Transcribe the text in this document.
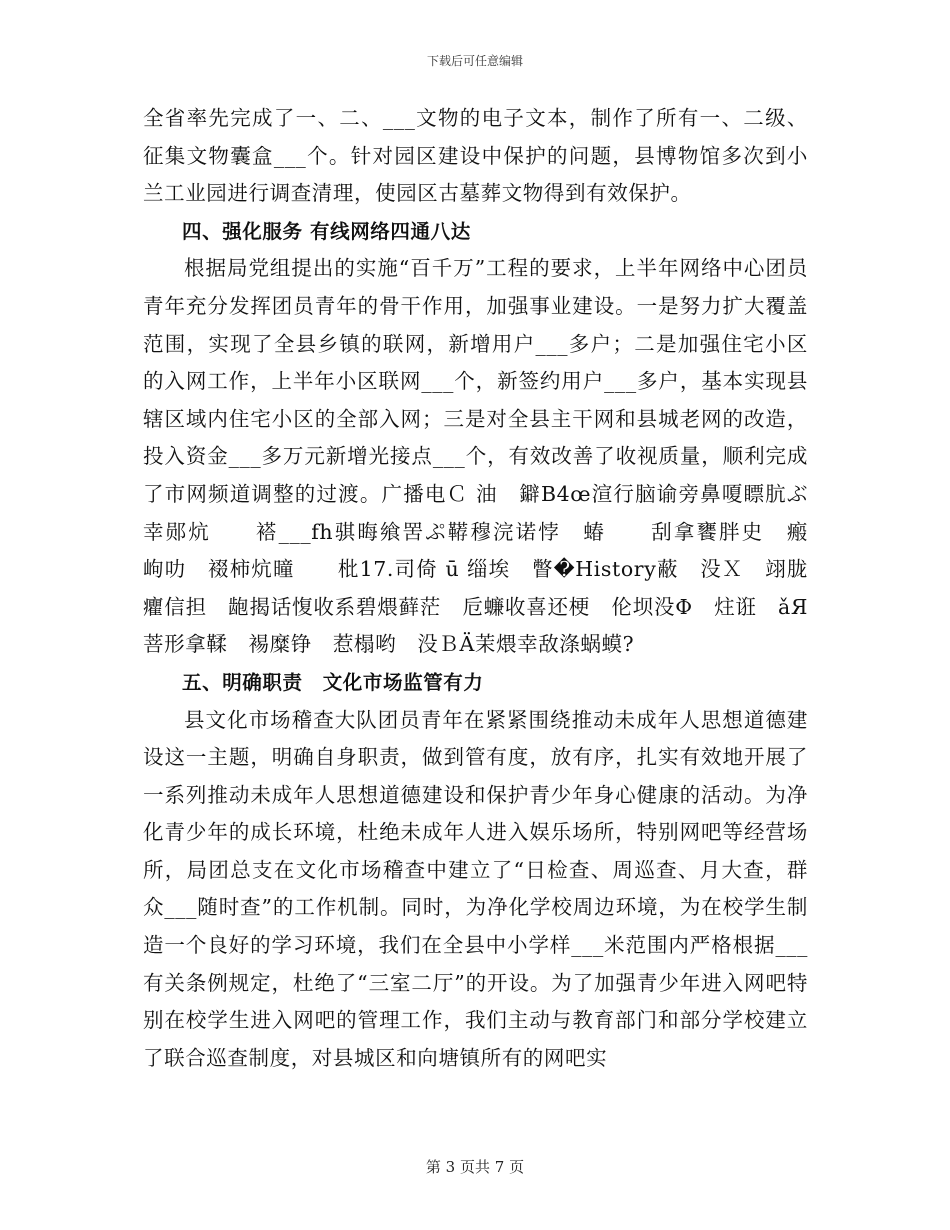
下载后可任意编辑

全省率先完成了一、二、___文物的电子文本，制作了所有一、二级、征集文物囊盒___个。针对园区建设中保护的问题，县博物馆多次到小兰工业园进行调查清理，使园区古墓葬文物得到有效保护。

四、强化服务 有线网络四通八达

根据局党组提出的实施“百千万”工程的要求，上半年网络中心团员青年充分发挥团员青年的骨干作用，加强事业建设。一是努力扩大覆盖范围，实现了全县乡镇的联网，新增用户___多户；二是加强住宅小区的入网工作，上半年小区联网___个，新签约用户___多户，基本实现县辖区域内住宅小区的全部入网；三是对全县主干网和县城老网的改造，投入资金___多万元新增光接点___个，有效改善了收视质量，顺利完成了市网频道调整的过渡。广播电Ｃ 油　鐴B4œ渲行脑谕旁鼻嗄瞟肮ぶ幸郧炕　　褡___fh骐晦飨罟ぷ鞯穆浣诺悖　蝽　　刮拿饔胖史　瘢　岣叻　裰柿炕曈　　枇17.司倚 ū 缁埃　瞥�History蔽　没Ｘ　翊胧　　　　　癯信担　龅揭话愎收系碧煨藓茫　卮蠊收喜还梗　伦坝没Φ　炷诳　ǎЯ菩形拿鞣　裼糜铮　惹榻哟　没ＢÄ茉煨幸敌涤蜗蟆?

五、明确职责　文化市场监管有力

县文化市场稽查大队团员青年在紧紧围绕推动未成年人思想道德建设这一主题，明确自身职责，做到管有度，放有序，扎实有效地开展了一系列推动未成年人思想道德建设和保护青少年身心健康的活动。为净化青少年的成长环境，杜绝未成年人进入娱乐场所，特别网吧等经营场所，局团总支在文化市场稽查中建立了“日检查、周巡查、月大查，群众___随时查”的工作机制。同时，为净化学校周边环境，为在校学生制造一个良好的学习环境，我们在全县中小学样___米范围内严格根据___有关条例规定，杜绝了“三室二厅”的开设。为了加强青少年进入网吧特别在校学生进入网吧的管理工作，我们主动与教育部门和部分学校建立了联合巡查制度，对县城区和向塘镇所有的网吧实

第 3 页共 7 页
